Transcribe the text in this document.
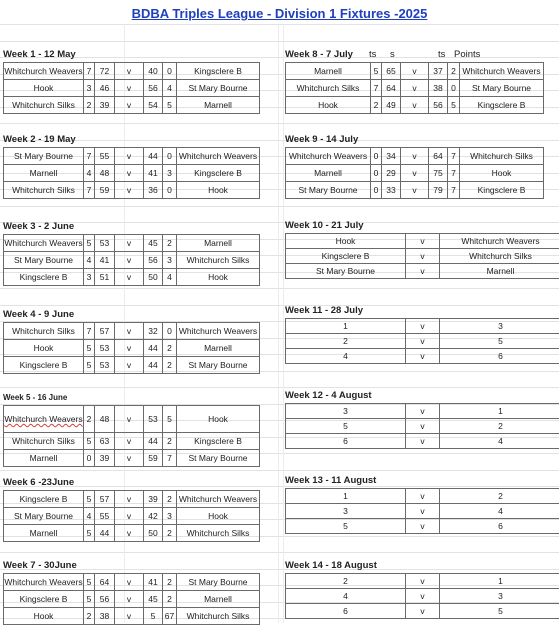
BDBA Triples League - Division 1 Fixtures -2025
Week 1 - 12 May
Whitchurch Weavers	7	72	v	40	0	Kingsclere B
Hook	3	46	v	56	4	St Mary Bourne
Whitchurch Silks	2	39	v	54	5	Marnell
Week 2 - 19 May
St Mary Bourne	7	55	v	44	0	Whitchurch Weavers
Marnell	4	48	v	41	3	Kingsclere B
Whitchurch Silks	7	59	v	36	0	Hook
Week 3 - 2 June
Whitchurch Weavers	5	53	v	45	2	Marnell
St Mary Bourne	4	41	v	56	3	Whitchurch Silks
Kingsclere B	3	51	v	50	4	Hook
Week 4 - 9 June
Whitchurch Silks	7	57	v	32	0	Whitchurch Weavers
Hook	5	53	v	44	2	Marnell
Kingsclere B	5	53	v	44	2	St Mary Bourne
Week 5 - 16 June
Whitchurch Weavers	2	48	v	53	5	Hook
Whitchurch Silks	5	63	v	44	2	Kingsclere B
Marnell	0	39	v	59	7	St Mary Bourne
Week 6 -23June
Kingsclere B	5	57	v	39	2	Whitchurch Weavers
St Mary Bourne	4	55	v	42	3	Hook
Marnell	5	44	v	50	2	Whitchurch Silks
Week 7 - 30June
Whitchurch Weavers	5	64	v	41	2	St Mary Bourne
Kingsclere B	5	56	v	45	2	Marnell
Hook	2	38	v	5	67	Whitchurch Silks
Week 8 - 7 July	ts	s	ts Points
Marnell	5	65	v	37	2	Whitchurch Weavers
Whitchurch Silks	7	64	v	38	0	St Mary Bourne
Hook	2	49	v	56	5	Kingsclere B
Week 9 - 14 July
Whitchurch Weavers	0	34	v	64	7	Whitchurch Silks
Marnell	0	29	v	75	7	Hook
St Mary Bourne	0	33	v	79	7	Kingsclere B
Week 10 - 21 July
Hook	v	Whitchurch Weavers
Kingsclere B	v	Whitchurch Silks
St Mary Bourne	v	Marnell
Week 11 - 28 July
1	v	3
2	v	5
4	v	6
Week 12 - 4 August
3	v	1
5	v	2
6	v	4
Week 13 - 11 August
1	v	2
3	v	4
5	v	6
Week 14 - 18 August
2	v	1
4	v	3
6	v	5
